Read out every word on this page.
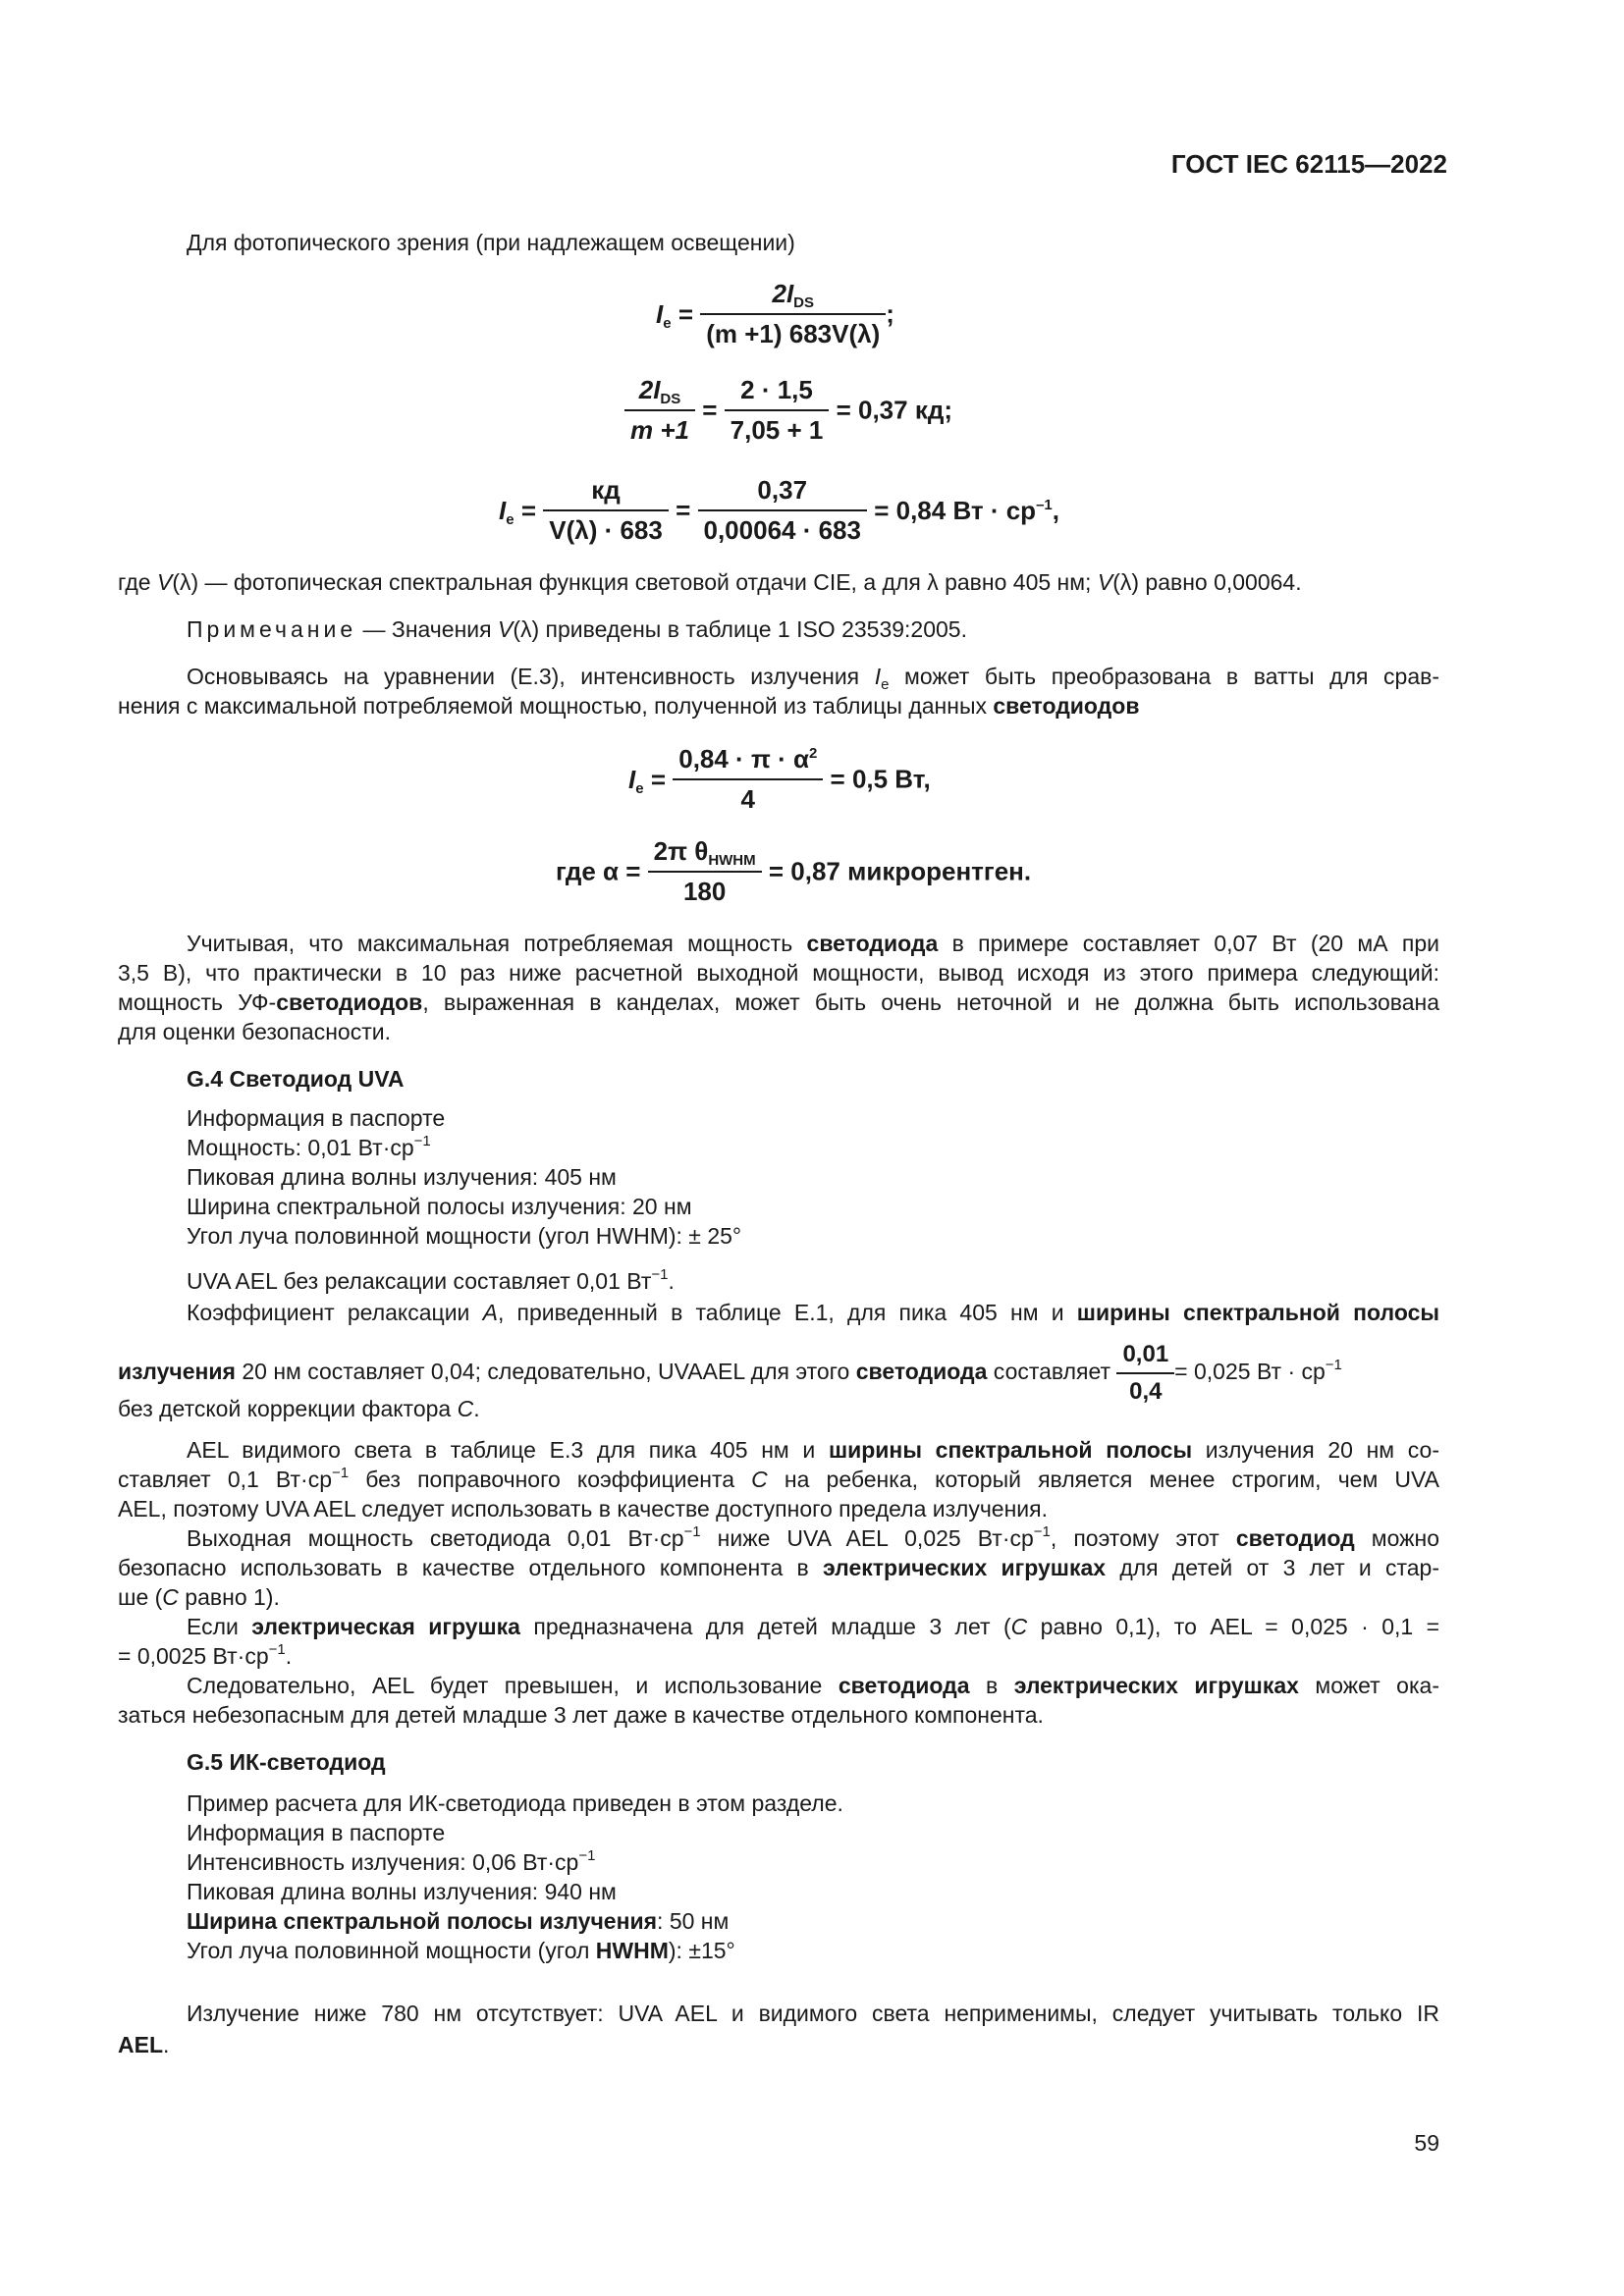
ГОСТ IEC 62115—2022
Для фотопического зрения (при надлежащем освещении)
$I_e = \frac{2I_{DS}}{(m +1) 683V(\lambda)}$ ;
$\frac{2I_{DS}}{m +1} = \frac{2 \cdot 1,5}{7,05 + 1} = 0,37$ кд;
$I_e = \frac{кд}{V(\lambda) \cdot 683} = \frac{0,37}{0,00064 \cdot 683} = 0,84$ Вт · $ср^{-1}$,
где V(λ) — фотопическая спектральная функция световой отдачи CIE, а для λ равно 405 нм; V(λ) равно 0,00064.
Примечание — Значения V(λ) приведены в таблице 1 ISO 23539:2005.
Основываясь на уравнении (Е.3), интенсивность излучения $I_e$ может быть преобразована в ватты для срав-
нения с максимальной потребляемой мощностью, полученной из таблицы данных светодиодов
$I_e = \frac{0,84 \cdot \pi \cdot \alpha^2}{4} = 0,5$ Вт,
где $\alpha = \frac{2\pi \theta_{HWHM}}{180} = 0,87$ микрорентген.
Учитывая, что максимальная потребляемая мощность светодиода в примере составляет 0,07 Вт (20 мА при
3,5 В), что практически в 10 раз ниже расчетной выходной мощности, вывод исходя из этого примера следующий:
мощность УФ-светодиодов, выраженная в канделах, может быть очень неточной и не должна быть использована
для оценки безопасности.
G.4 Светодиод UVA
Информация в паспорте
Мощность: 0,01 $Вт\cdot ср^{-1}$
Пиковая длина волны излучения: 405 нм
Ширина спектральной полосы излучения: 20 нм
Угол луча половинной мощности (угол HWHM): ± 25°
UVA AEL без релаксации составляет 0,01 $Вт^{-1}$.
Коэффициент релаксации A, приведенный в таблице Е.1, для пика 405 нм и ширины спектральной полосы
излучения 20 нм составляет 0,04; следовательно, UVAAEL для этого светодиода составляет $\frac{0,01}{0,4} = 0,025$ Вт · $ср^{-1}$
без детской коррекции фактора C.
AEL видимого света в таблице Е.3 для пика 405 нм и ширины спектральной полосы излучения 20 нм со-
ставляет 0,1 $Вт\cdot ср^{-1}$ без поправочного коэффициента C на ребенка, который является менее строгим, чем UVA
AEL, поэтому UVA AEL следует использовать в качестве доступного предела излучения.
Выходная мощность светодиода 0,01 $Вт\cdot ср^{-1}$ ниже UVA AEL 0,025 $Вт\cdot ср^{-1}$, поэтому этот светодиод можно
безопасно использовать в качестве отдельного компонента в электрических игрушках для детей от 3 лет и стар-
ше (C равно 1).
Если электрическая игрушка предназначена для детей младше 3 лет (C равно 0,1), то AEL = 0,025 · 0,1 =
= 0,0025 $Вт\cdot ср^{-1}$.
Следовательно, AEL будет превышен, и использование светодиода в электрических игрушках может ока-
заться небезопасным для детей младше 3 лет даже в качестве отдельного компонента.
G.5 ИК-светодиод
Пример расчета для ИК-светодиода приведен в этом разделе.
Информация в паспорте
Интенсивность излучения: 0,06 $Вт\cdot ср^{-1}$
Пиковая длина волны излучения: 940 нм
Ширина спектральной полосы излучения: 50 нм
Угол луча половинной мощности (угол HWHM): ±15°
Излучение ниже 780 нм отсутствует: UVA AEL и видимого света неприменимы, следует учитывать только IR
AEL.
59
